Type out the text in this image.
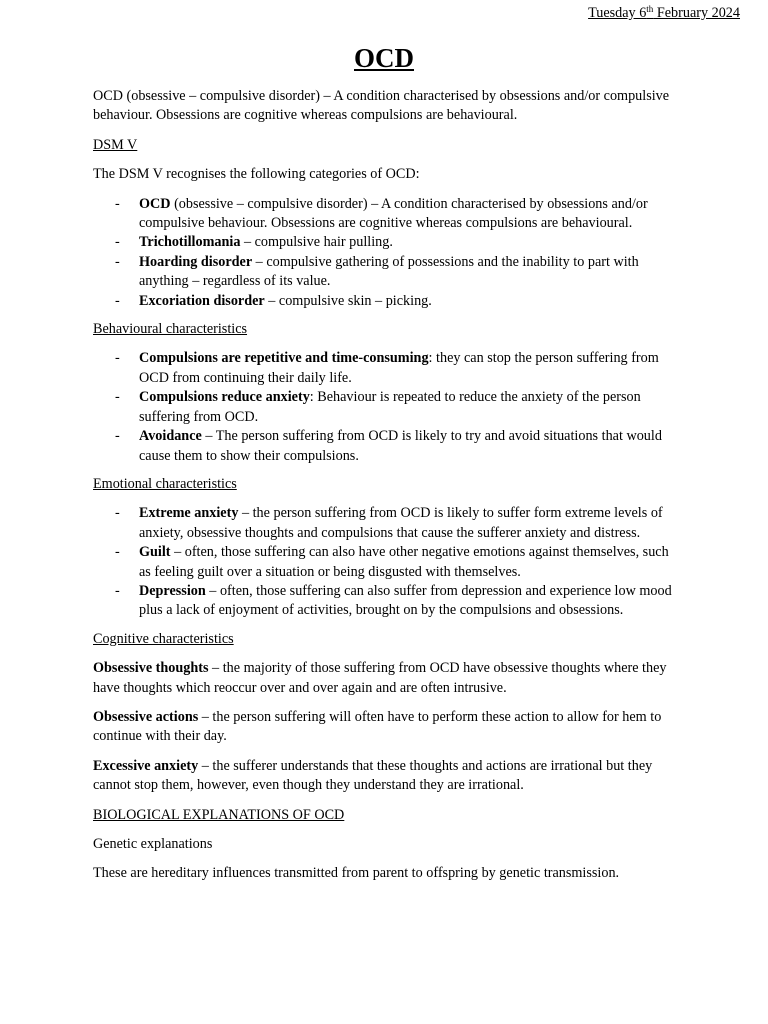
Tuesday 6th February 2024
OCD

OCD (obsessive – compulsive disorder) – A condition characterised by obsessions and/or compulsive behaviour. Obsessions are cognitive whereas compulsions are behavioural.

DSM V

The DSM V recognises the following categories of OCD:

- OCD (obsessive – compulsive disorder) – A condition characterised by obsessions and/or compulsive behaviour. Obsessions are cognitive whereas compulsions are behavioural.
- Trichotillomania – compulsive hair pulling.
- Hoarding disorder – compulsive gathering of possessions and the inability to part with anything – regardless of its value.
- Excoriation disorder – compulsive skin – picking.

Behavioural characteristics

- Compulsions are repetitive and time-consuming: they can stop the person suffering from OCD from continuing their daily life.
- Compulsions reduce anxiety: Behaviour is repeated to reduce the anxiety of the person suffering from OCD.
- Avoidance – The person suffering from OCD is likely to try and avoid situations that would cause them to show their compulsions.

Emotional characteristics

- Extreme anxiety – the person suffering from OCD is likely to suffer form extreme levels of anxiety, obsessive thoughts and compulsions that cause the sufferer anxiety and distress.
- Guilt – often, those suffering can also have other negative emotions against themselves, such as feeling guilt over a situation or being disgusted with themselves.
- Depression – often, those suffering can also suffer from depression and experience low mood plus a lack of enjoyment of activities, brought on by the compulsions and obsessions.

Cognitive characteristics

Obsessive thoughts – the majority of those suffering from OCD have obsessive thoughts where they have thoughts which reoccur over and over again and are often intrusive.

Obsessive actions – the person suffering will often have to perform these action to allow for hem to continue with their day.

Excessive anxiety – the sufferer understands that these thoughts and actions are irrational but they cannot stop them, however, even though they understand they are irrational.

BIOLOGICAL EXPLANATIONS OF OCD

Genetic explanations

These are hereditary influences transmitted from parent to offspring by genetic transmission.
